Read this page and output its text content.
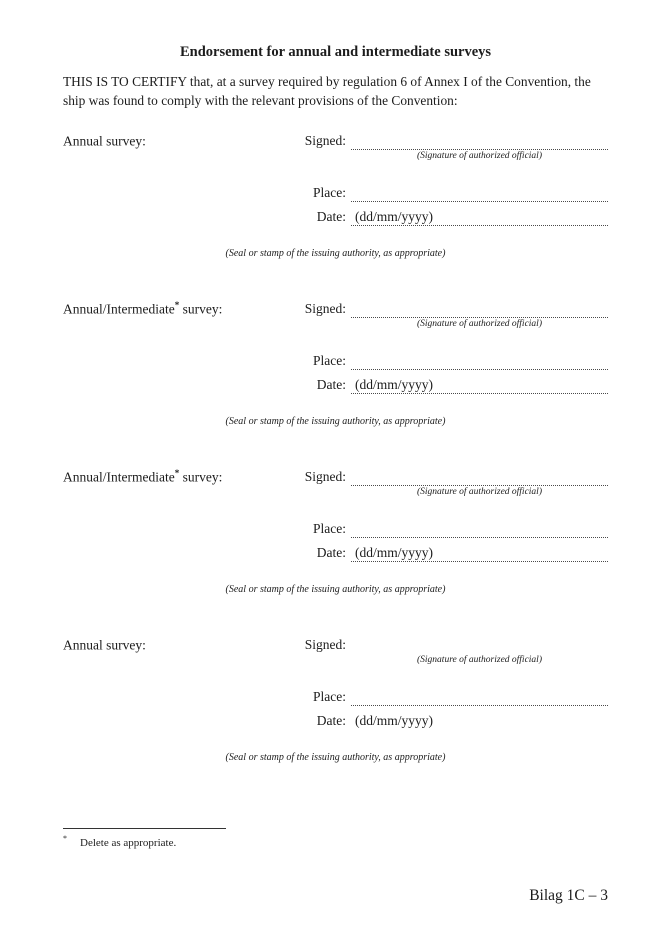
Endorsement for annual and intermediate surveys
THIS IS TO CERTIFY that, at a survey required by regulation 6 of Annex I of the Convention, the ship was found to comply with the relevant provisions of the Convention:
Annual survey:	Signed:
(Signature of authorized official)
Place:
Date: (dd/mm/yyyy)
(Seal or stamp of the issuing authority, as appropriate)
Annual/Intermediate* survey:	Signed:
(Signature of authorized official)
Place:
Date: (dd/mm/yyyy)
(Seal or stamp of the issuing authority, as appropriate)
Annual/Intermediate* survey:	Signed:
(Signature of authorized official)
Place:
Date: (dd/mm/yyyy)
(Seal or stamp of the issuing authority, as appropriate)
Annual survey:	Signed:
(Signature of authorized official)
Place:
Date: (dd/mm/yyyy)
(Seal or stamp of the issuing authority, as appropriate)
* Delete as appropriate.
Bilag 1C – 3
